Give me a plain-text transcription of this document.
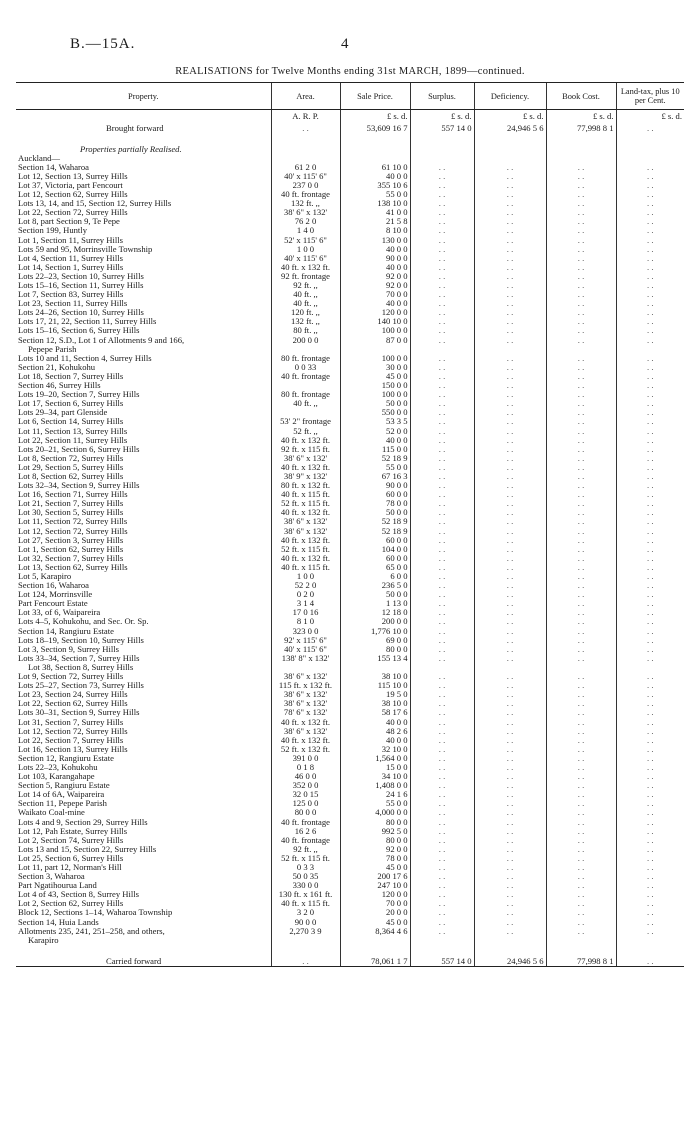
B.—15A.	4
REALISATIONS for Twelve Months ending 31st MARCH, 1899—continued.
Property.	Area.	Sale Price.	Surplus.	Deficiency.	Book Cost.	Land-tax, plus 10 per Cent.
	A. R. P.	£ s. d.	£ s. d.	£ s. d.	£ s. d.	£ s. d.
Brought forward	. .	53,609 16 7	557 14 0	24,946 5 6	77,998 8 1	. .

Properties partially Realised.						
Auckland—						
Section 14, Waharoa	61 2 0	61 10 0	. .	. .	. .	. .
Lot 12, Section 13, Surrey Hills	40' x 115' 6"	40 0 0	. .	. .	. .	. .
Lot 37, Victoria, part Fencourt	237 0 0	355 10 6	. .	. .	. .	. .
Lot 12, Section 62, Surrey Hills	40 ft. frontage	55 0 0	. .	. .	. .	. .
Lots 13, 14, and 15, Section 12, Surrey Hills	132 ft. ,,	138 10 0	. .	. .	. .	. .
Lot 22, Section 72, Surrey Hills	38' 6" x 132'	41 0 0	. .	. .	. .	. .
Lot 8, part Section 9, Te Pepe	76 2 0	21 5 8	. .	. .	. .	. .
Section 199, Huntly	1 4 0	8 10 0	. .	. .	. .	. .
Lot 1, Section 11, Surrey Hills	52' x 115' 6"	130 0 0	. .	. .	. .	. .
Lots 59 and 95, Morrinsville Township	1 0 0	40 0 0	. .	. .	. .	. .
Lot 4, Section 11, Surrey Hills	40' x 115' 6"	90 0 0	. .	. .	. .	. .
Lot 14, Section 1, Surrey Hills	40 ft. x 132 ft.	40 0 0	. .	. .	. .	. .
Lots 22–23, Section 10, Surrey Hills	92 ft. frontage	92 0 0	. .	. .	. .	. .
Lots 15–16, Section 11, Surrey Hills	92 ft. ,,	92 0 0	. .	. .	. .	. .
Lot 7, Section 83, Surrey Hills	40 ft. ,,	70 0 0	. .	. .	. .	. .
Lot 23, Section 11, Surrey Hills	40 ft. ,,	40 0 0	. .	. .	. .	. .
Lots 24–26, Section 10, Surrey Hills	120 ft. ,,	120 0 0	. .	. .	. .	. .
Lots 17, 21, 22, Section 11, Surrey Hills	132 ft. ,,	140 10 0	. .	. .	. .	. .
Lots 15–16, Section 6, Surrey Hills	80 ft. ,,	100 0 0	. .	. .	. .	. .
Section 12, S.D., Lot 1 of Allotments 9 and 166,	200 0 0	87 0 0	. .	. .	. .	. .
Pepepe Parish						
Lots 10 and 11, Section 4, Surrey Hills	80 ft. frontage	100 0 0	. .	. .	. .	. .
Section 21, Kohukohu	0 0 33	30 0 0	. .	. .	. .	. .
Lot 18, Section 7, Surrey Hills	40 ft. frontage	45 0 0	. .	. .	. .	. .
Section 46, Surrey Hills		150 0 0	. .	. .	. .	. .
Lots 19–20, Section 7, Surrey Hills	80 ft. frontage	100 0 0	. .	. .	. .	. .
Lot 17, Section 6, Surrey Hills	40 ft. ,,	50 0 0	. .	. .	. .	. .
Lots 29–34, part Glenside		550 0 0	. .	. .	. .	. .
Lot 6, Section 14, Surrey Hills	53' 2" frontage	53 3 5	. .	. .	. .	. .
Lot 11, Section 13, Surrey Hills	52 ft. ,,	52 0 0	. .	. .	. .	. .
Lot 22, Section 11, Surrey Hills	40 ft. x 132 ft.	40 0 0	. .	. .	. .	. .
Lots 20–21, Section 6, Surrey Hills	92 ft. x 115 ft.	115 0 0	. .	. .	. .	. .
Lot 8, Section 72, Surrey Hills	38' 6" x 132'	52 18 9	. .	. .	. .	. .
Lot 29, Section 5, Surrey Hills	40 ft. x 132 ft.	55 0 0	. .	. .	. .	. .
Lot 8, Section 62, Surrey Hills	38' 9" x 132'	67 16 3	. .	. .	. .	. .
Lots 32–34, Section 9, Surrey Hills	80 ft. x 132 ft.	90 0 0	. .	. .	. .	. .
Lot 16, Section 71, Surrey Hills	40 ft. x 115 ft.	60 0 0	. .	. .	. .	. .
Lot 21, Section 7, Surrey Hills	52 ft. x 115 ft.	78 0 0	. .	. .	. .	. .
Lot 30, Section 5, Surrey Hills	40 ft. x 132 ft.	50 0 0	. .	. .	. .	. .
Lot 11, Section 72, Surrey Hills	38' 6" x 132'	52 18 9	. .	. .	. .	. .
Lot 12, Section 72, Surrey Hills	38' 6" x 132'	52 18 9	. .	. .	. .	. .
Lot 27, Section 3, Surrey Hills	40 ft. x 132 ft.	60 0 0	. .	. .	. .	. .
Lot 1, Section 62, Surrey Hills	52 ft. x 115 ft.	104 0 0	. .	. .	. .	. .
Lot 32, Section 7, Surrey Hills	40 ft. x 132 ft.	60 0 0	. .	. .	. .	. .
Lot 13, Section 62, Surrey Hills	40 ft. x 115 ft.	65 0 0	. .	. .	. .	. .
Lot 5, Karapiro	1 0 0	6 0 0	. .	. .	. .	. .
Section 16, Waharoa	52 2 0	236 5 0	. .	. .	. .	. .
Lot 124, Morrinsville	0 2 0	50 0 0	. .	. .	. .	. .
Part Fencourt Estate	3 1 4	1 13 0	. .	. .	. .	. .
Lot 33, of 6, Waipareira	17 0 16	12 18 0	. .	. .	. .	. .
Lots 4–5, Kohukohu, and Sec. Or. Sp.	8 1 0	200 0 0	. .	. .	. .	. .
Section 14, Rangiuru Estate	323 0 0	1,776 10 0	. .	. .	. .	. .
Lots 18–19, Section 10, Surrey Hills	92' x 115' 6"	69 0 0	. .	. .	. .	. .
Lot 3, Section 9, Surrey Hills	40' x 115' 6"	80 0 0	. .	. .	. .	. .
Lots 33–34, Section 7, Surrey Hills	138' 8" x 132'	155 13 4	. .	. .	. .	. .
Lot 38, Section 8, Surrey Hills						
Lot 9, Section 72, Surrey Hills	38' 6" x 132'	38 10 0	. .	. .	. .	. .
Lots 25–27, Section 73, Surrey Hills	115 ft. x 132 ft.	115 10 0	. .	. .	. .	. .
Lot 23, Section 24, Surrey Hills	38' 6" x 132'	19 5 0	. .	. .	. .	. .
Lot 22, Section 62, Surrey Hills	38' 6" x 132'	38 10 0	. .	. .	. .	. .
Lots 30–31, Section 9, Surrey Hills	78' 6" x 132'	58 17 6	. .	. .	. .	. .
Lot 31, Section 7, Surrey Hills	40 ft. x 132 ft.	40 0 0	. .	. .	. .	. .
Lot 12, Section 72, Surrey Hills	38' 6" x 132'	48 2 6	. .	. .	. .	. .
Lot 22, Section 7, Surrey Hills	40 ft. x 132 ft.	40 0 0	. .	. .	. .	. .
Lot 16, Section 13, Surrey Hills	52 ft. x 132 ft.	32 10 0	. .	. .	. .	. .
Section 12, Rangiuru Estate	391 0 0	1,564 0 0	. .	. .	. .	. .
Lots 22–23, Kohukohu	0 1 8	15 0 0	. .	. .	. .	. .
Lot 103, Karangahape	46 0 0	34 10 0	. .	. .	. .	. .
Section 5, Rangiuru Estate	352 0 0	1,408 0 0	. .	. .	. .	. .
Lot 14 of 6A, Waipareira	32 0 15	24 1 6	. .	. .	. .	. .
Section 11, Pepepe Parish	125 0 0	55 0 0	. .	. .	. .	. .
Waikato Coal-mine	80 0 0	4,000 0 0	. .	. .	. .	. .
Lots 4 and 9, Section 29, Surrey Hills	40 ft. frontage	80 0 0	. .	. .	. .	. .
Lot 12, Pah Estate, Surrey Hills	16 2 6	992 5 0	. .	. .	. .	. .
Lot 2, Section 74, Surrey Hills	40 ft. frontage	80 0 0	. .	. .	. .	. .
Lots 13 and 15, Section 22, Surrey Hills	92 ft. ,,	92 0 0	. .	. .	. .	. .
Lot 25, Section 6, Surrey Hills	52 ft. x 115 ft.	78 0 0	. .	. .	. .	. .
Lot 11, part 12, Norman's Hill	0 3 3	45 0 0	. .	. .	. .	. .
Section 3, Waharoa	50 0 35	200 17 6	. .	. .	. .	. .
Part Ngatihourua Land	330 0 0	247 10 0	. .	. .	. .	. .
Lot 4 of 43, Section 8, Surrey Hills	130 ft. x 161 ft.	120 0 0	. .	. .	. .	. .
Lot 2, Section 62, Surrey Hills	40 ft. x 115 ft.	70 0 0	. .	. .	. .	. .
Block 12, Sections 1–14, Waharoa Township	3 2 0	20 0 0	. .	. .	. .	. .
Section 14, Huia Lands	90 0 0	45 0 0	. .	. .	. .	. .
Allotments 235, 241, 251–258, and others,	2,270 3 9	8,364 4 6	. .	. .	. .	. .
Karapiro						

Carried forward	. .	78,061 1 7	557 14 0	24,946 5 6	77,998 8 1	. .
